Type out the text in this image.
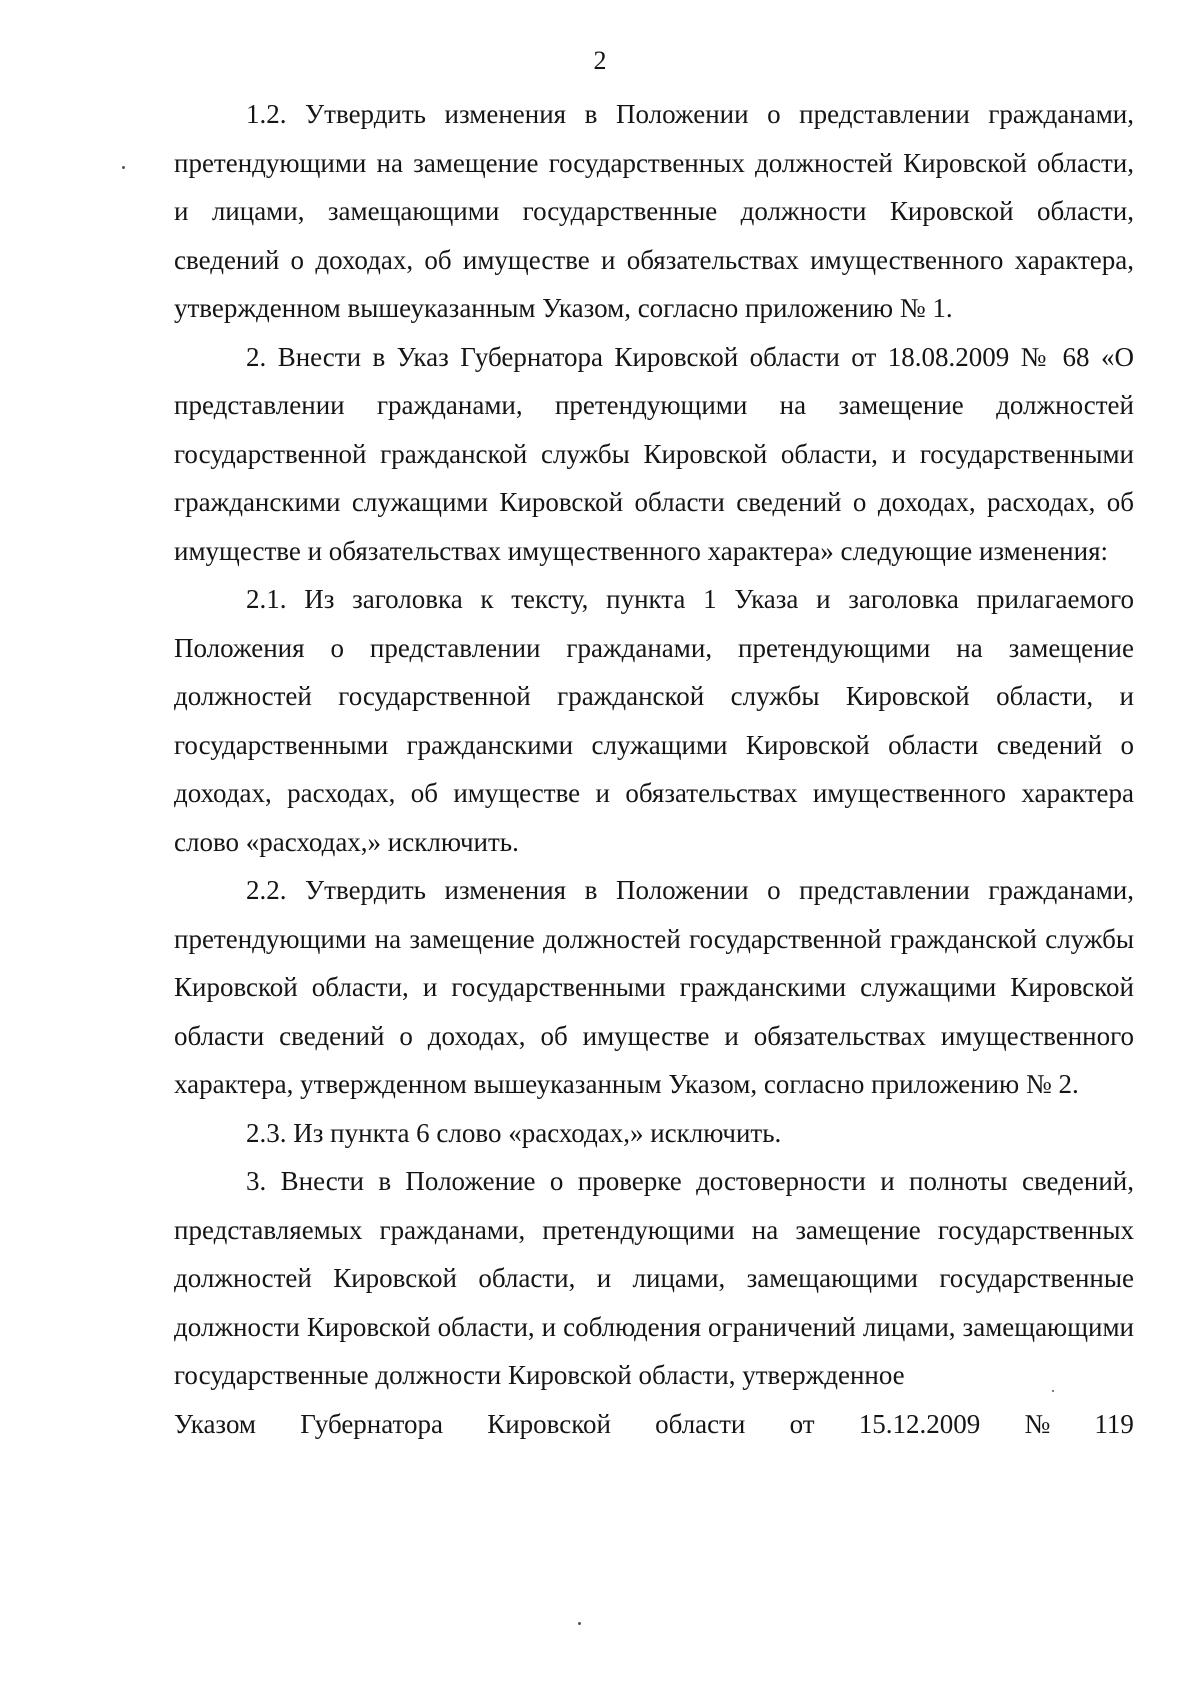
2

1.2. Утвердить изменения в Положении о представлении гражданами, претендующими на замещение государственных должностей Кировской области, и лицами, замещающими государственные должности Кировской области, сведений о доходах, об имуществе и обязательствах имущественного характера, утвержденном вышеуказанным Указом, согласно приложению № 1.

2. Внести в Указ Губернатора Кировской области от 18.08.2009 № 68 «О представлении гражданами, претендующими на замещение должностей государственной гражданской службы Кировской области, и государственными гражданскими служащими Кировской области сведений о доходах, расходах, об имуществе и обязательствах имущественного характера» следующие изменения:

2.1. Из заголовка к тексту, пункта 1 Указа и заголовка прилагаемого Положения о представлении гражданами, претендующими на замещение должностей государственной гражданской службы Кировской области, и государственными гражданскими служащими Кировской области сведений о доходах, расходах, об имуществе и обязательствах имущественного характера слово «расходах,» исключить.

2.2. Утвердить изменения в Положении о представлении гражданами, претендующими на замещение должностей государственной гражданской службы Кировской области, и государственными гражданскими служащими Кировской области сведений о доходах, об имуществе и обязательствах имущественного характера, утвержденном вышеуказанным Указом, согласно приложению № 2.

2.3. Из пункта 6 слово «расходах,» исключить.

3. Внести в Положение о проверке достоверности и полноты сведений, представляемых гражданами, претендующими на замещение государственных должностей Кировской области, и лицами, замещающими государственные должности Кировской области, и соблюдения ограничений лицами, замещающими государственные должности Кировской области, утвержденное

Указом Губернатора Кировской области от 15.12.2009 № 119
